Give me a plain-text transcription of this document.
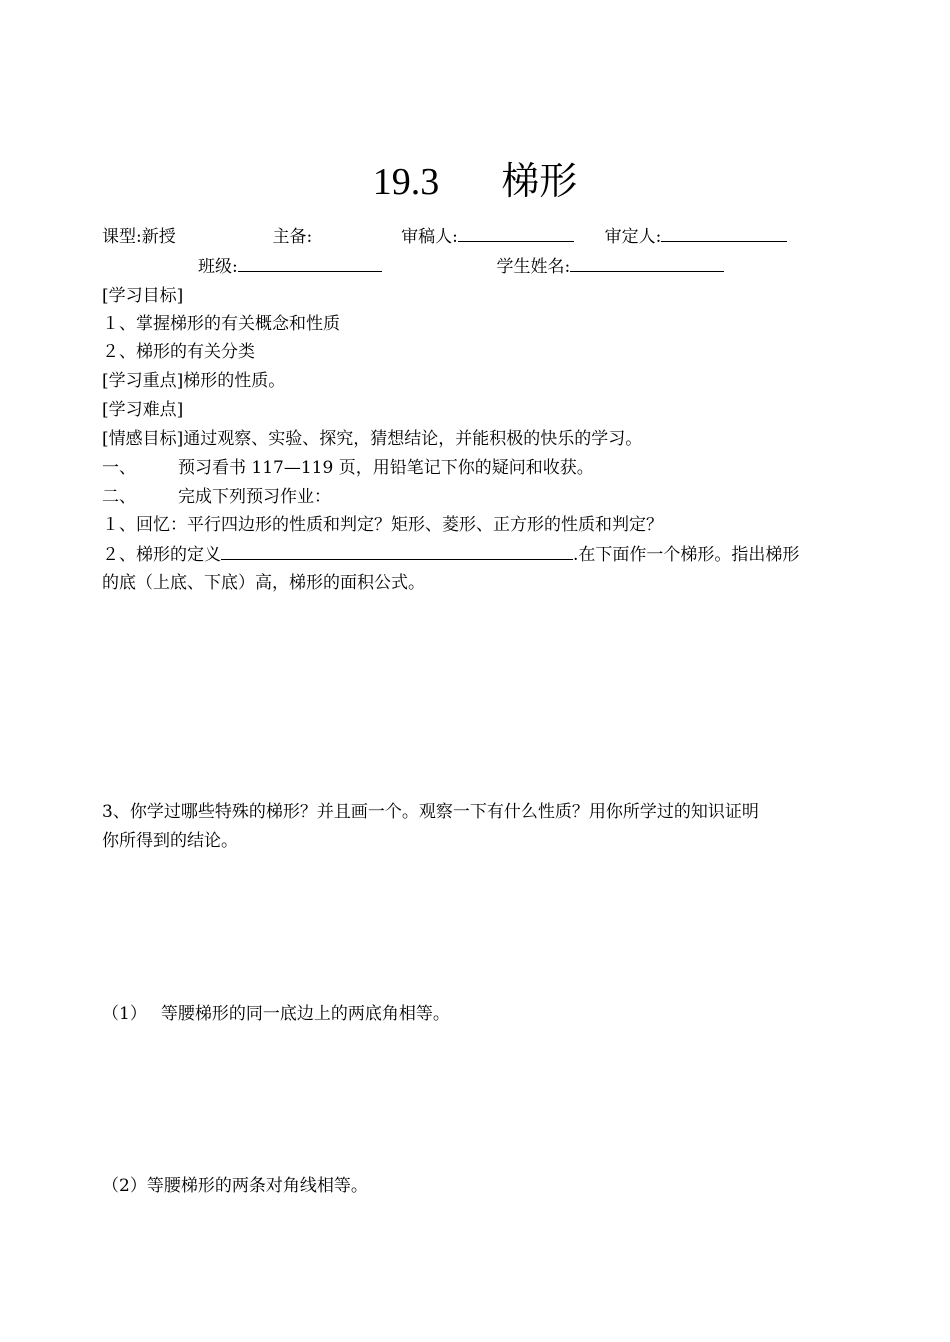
19.3 梯形
课型:新授	主备:	审稿人:	审定人:
班级:	学生姓名:
[学习目标]
１、掌握梯形的有关概念和性质
２、梯形的有关分类
[学习重点]梯形的性质。
[学习难点]
[情感目标]通过观察、实验、探究，猜想结论，并能积极的快乐的学习。
一、 预习看书 117—119 页，用铅笔记下你的疑问和收获。
二、 完成下列预习作业：
１、回忆：平行四边形的性质和判定？矩形、菱形、正方形的性质和判定？
２、梯形的定义	.在下面作一个梯形。指出梯形
的底（上底、下底）高，梯形的面积公式。
3、你学过哪些特殊的梯形？并且画一个。观察一下有什么性质？用你所学过的知识证明
你所得到的结论。
（1） 等腰梯形的同一底边上的两底角相等。
（2）等腰梯形的两条对角线相等。
